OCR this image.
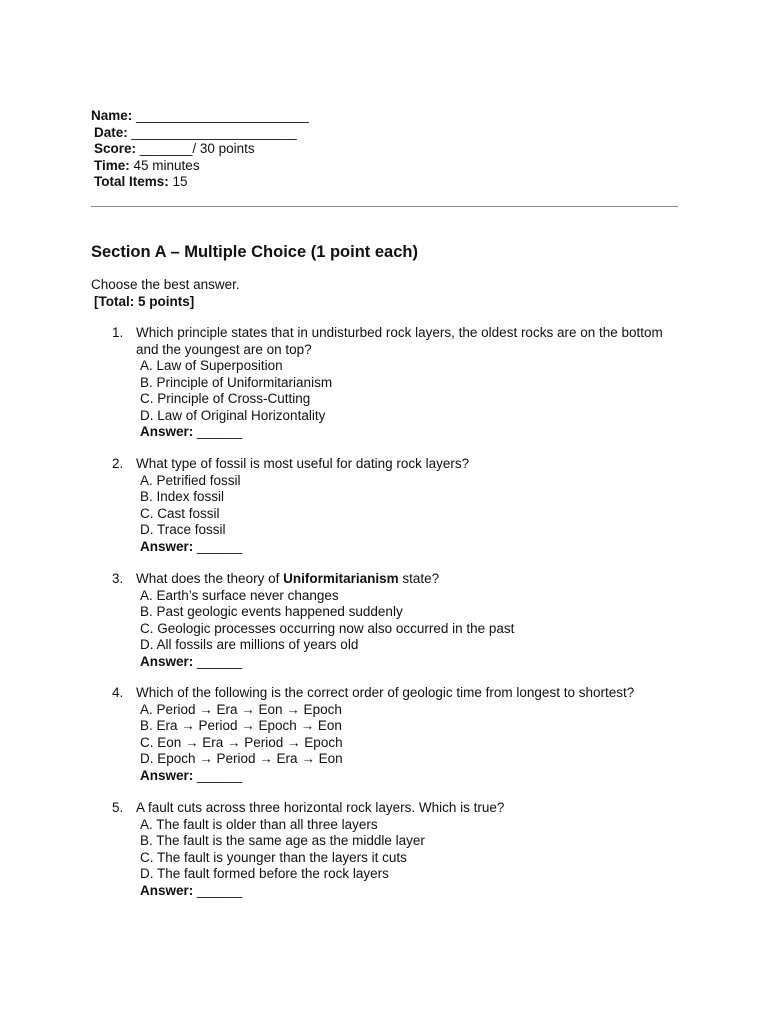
Name: _______________________
Date: ______________________
Score: _______/ 30 points
Time: 45 minutes
Total Items: 15
Section A – Multiple Choice (1 point each)
Choose the best answer.
[Total: 5 points]
1. Which principle states that in undisturbed rock layers, the oldest rocks are on the bottom and the youngest are on top?
A. Law of Superposition
B. Principle of Uniformitarianism
C. Principle of Cross-Cutting
D. Law of Original Horizontality
Answer: ______
2. What type of fossil is most useful for dating rock layers?
A. Petrified fossil
B. Index fossil
C. Cast fossil
D. Trace fossil
Answer: ______
3. What does the theory of Uniformitarianism state?
A. Earth’s surface never changes
B. Past geologic events happened suddenly
C. Geologic processes occurring now also occurred in the past
D. All fossils are millions of years old
Answer: ______
4. Which of the following is the correct order of geologic time from longest to shortest?
A. Period → Era → Eon → Epoch
B. Era → Period → Epoch → Eon
C. Eon → Era → Period → Epoch
D. Epoch → Period → Era → Eon
Answer: ______
5. A fault cuts across three horizontal rock layers. Which is true?
A. The fault is older than all three layers
B. The fault is the same age as the middle layer
C. The fault is younger than the layers it cuts
D. The fault formed before the rock layers
Answer: ______
